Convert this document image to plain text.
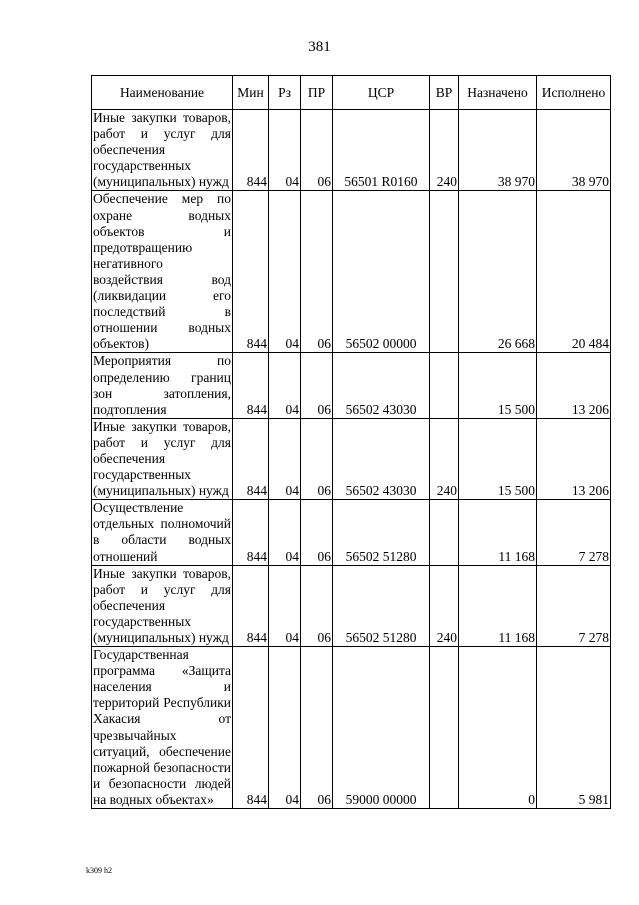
381
Наименование	Мин	Рз	ПР	ЦСР	ВР	Назначено	Исполнено
Иные закупки товаров, работ и услуг для обеспечения государственных (муниципальных) нужд	844	04	06	56501 R0160	240	38 970	38 970
Обеспечение мер по охране водных объектов и предотвращению негативного воздействия вод (ликвидации его последствий в отношении водных объектов)	844	04	06	56502 00000		26 668	20 484
Мероприятия по определению границ зон затопления, подтопления	844	04	06	56502 43030		15 500	13 206
Иные закупки товаров, работ и услуг для обеспечения государственных (муниципальных) нужд	844	04	06	56502 43030	240	15 500	13 206
Осуществление отдельных полномочий в области водных отношений	844	04	06	56502 51280		11 168	7 278
Иные закупки товаров, работ и услуг для обеспечения государственных (муниципальных) нужд	844	04	06	56502 51280	240	11 168	7 278
Государственная программа «Защита населения и территорий Республики Хакасия от чрезвычайных ситуаций, обеспечение пожарной безопасности и безопасности людей на водных объектах»	844	04	06	59000 00000		0	5 981
k309 h2
